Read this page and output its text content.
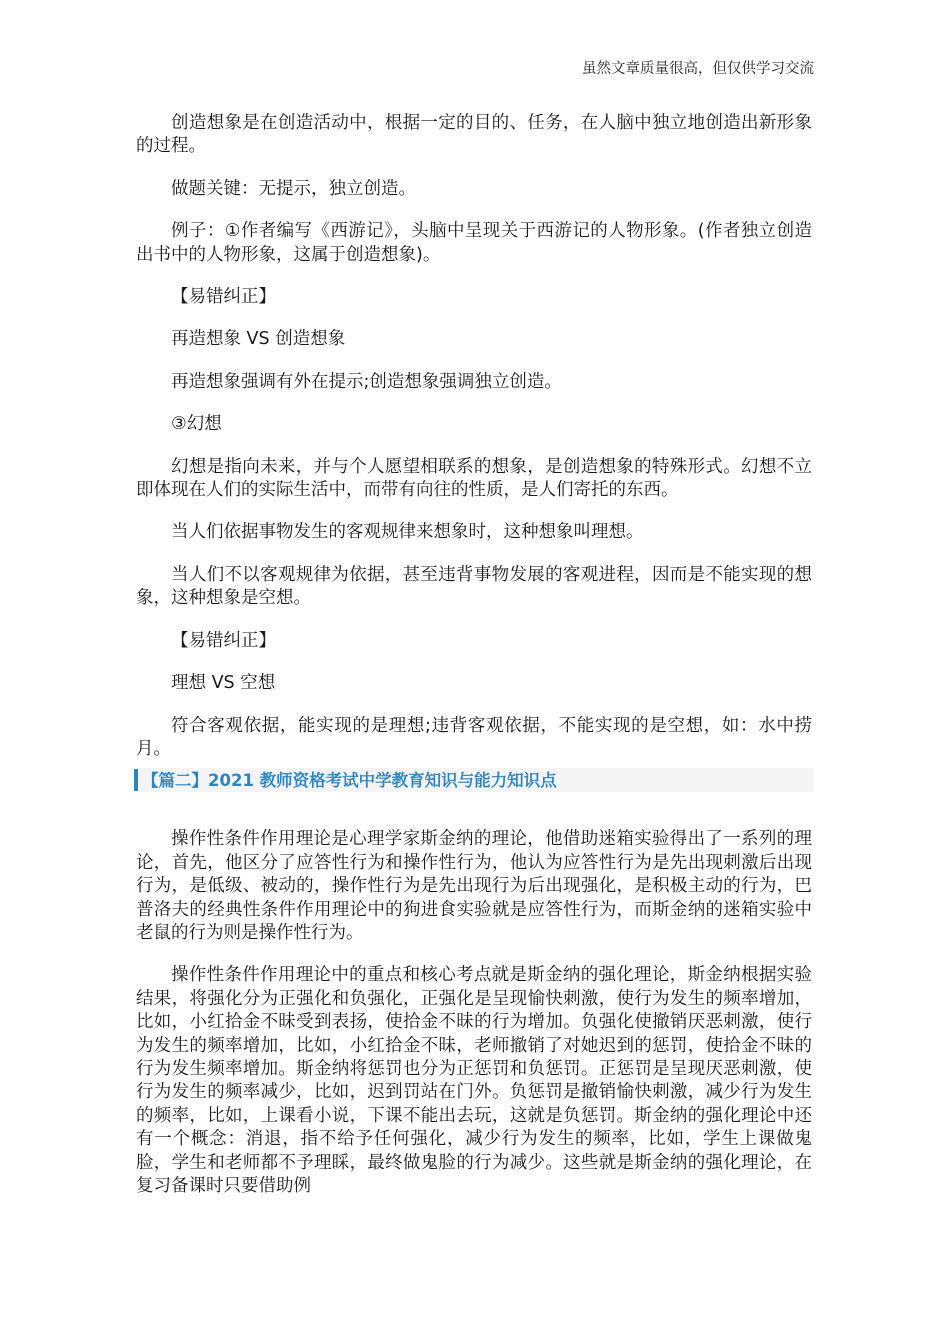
虽然文章质量很高，但仅供学习交流

创造想象是在创造活动中，根据一定的目的、任务，在人脑中独立地创造出新形象的过程。

做题关键：无提示，独立创造。

例子：①作者编写《西游记》，头脑中呈现关于西游记的人物形象。(作者独立创造出书中的人物形象，这属于创造想象)。

【易错纠正】

再造想象 VS 创造想象

再造想象强调有外在提示;创造想象强调独立创造。

③幻想

幻想是指向未来，并与个人愿望相联系的想象，是创造想象的特殊形式。幻想不立即体现在人们的实际生活中，而带有向往的性质，是人们寄托的东西。

当人们依据事物发生的客观规律来想象时，这种想象叫理想。

当人们不以客观规律为依据，甚至违背事物发展的客观进程，因而是不能实现的想象，这种想象是空想。

【易错纠正】

理想 VS 空想

符合客观依据，能实现的是理想;违背客观依据，不能实现的是空想，如：水中捞月。

【篇二】2021 教师资格考试中学教育知识与能力知识点

操作性条件作用理论是心理学家斯金纳的理论，他借助迷箱实验得出了一系列的理论，首先，他区分了应答性行为和操作性行为，他认为应答性行为是先出现刺激后出现行为，是低级、被动的，操作性行为是先出现行为后出现强化，是积极主动的行为，巴普洛夫的经典性条件作用理论中的狗进食实验就是应答性行为，而斯金纳的迷箱实验中老鼠的行为则是操作性行为。

操作性条件作用理论中的重点和核心考点就是斯金纳的强化理论，斯金纳根据实验结果，将强化分为正强化和负强化，正强化是呈现愉快刺激，使行为发生的频率增加，比如，小红拾金不昧受到表扬，使拾金不昧的行为增加。负强化使撤销厌恶刺激，使行为发生的频率增加，比如，小红拾金不昧，老师撤销了对她迟到的惩罚，使拾金不昧的行为发生频率增加。斯金纳将惩罚也分为正惩罚和负惩罚。正惩罚是呈现厌恶刺激，使行为发生的频率减少，比如，迟到罚站在门外。负惩罚是撤销愉快刺激，减少行为发生的频率，比如，上课看小说，下课不能出去玩，这就是负惩罚。斯金纳的强化理论中还有一个概念：消退，指不给予任何强化，减少行为发生的频率，比如，学生上课做鬼脸，学生和老师都不予理睬，最终做鬼脸的行为减少。这些就是斯金纳的强化理论，在复习备课时只要借助例
